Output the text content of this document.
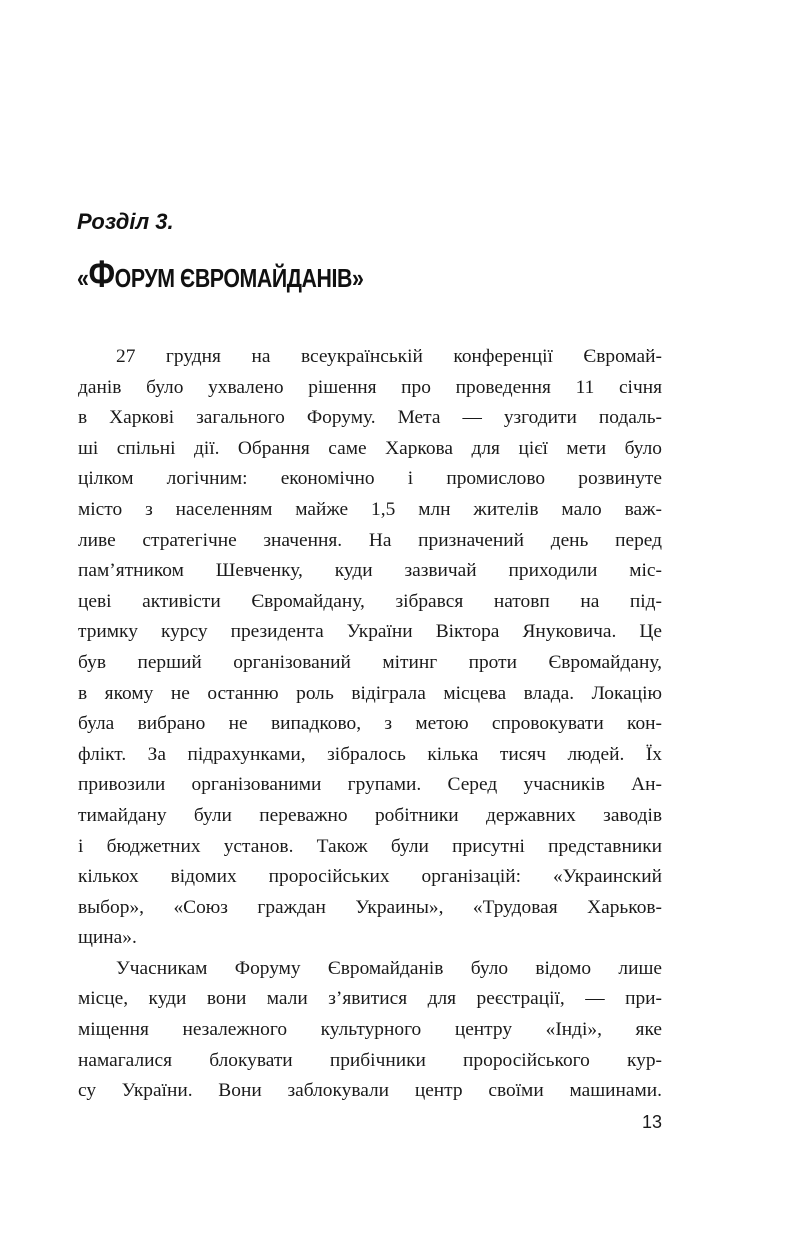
Розділ 3.
«ФОРУМ ЄВРОМАЙДАНІВ»
27 грудня на всеукраїнській конференції Євромай-
данів було ухвалено рішення про проведення 11 січня
в Харкові загального Форуму. Мета — узгодити подаль-
ші спільні дії. Обрання саме Харкова для цієї мети було
цілком логічним: економічно і промислово розвинуте
місто з населенням майже 1,5 млн жителів мало важ-
ливе стратегічне значення. На призначений день перед
пам’ятником Шевченку, куди зазвичай приходили міс-
цеві активісти Євромайдану, зібрався натовп на під-
тримку курсу президента України Віктора Януковича. Це
був перший організований мітинг проти Євромайдану,
в якому не останню роль відіграла місцева влада. Локацію
була вибрано не випадково, з метою спровокувати кон-
флікт. За підрахунками, зібралось кілька тисяч людей. Їх
привозили організованими групами. Серед учасників Ан-
тимайдану були переважно робітники державних заводів
і бюджетних установ. Також були присутні представники
кількох відомих проросійських організацій: «Украинский
выбор», «Союз граждан Украины», «Трудовая Харьков-
щина».
Учасникам Форуму Євромайданів було відомо лише
місце, куди вони мали з’явитися для реєстрації, — при-
міщення незалежного культурного центру «Інді», яке
намагалися блокувати прибічники проросійського кур-
су України. Вони заблокували центр своїми машинами.

13
